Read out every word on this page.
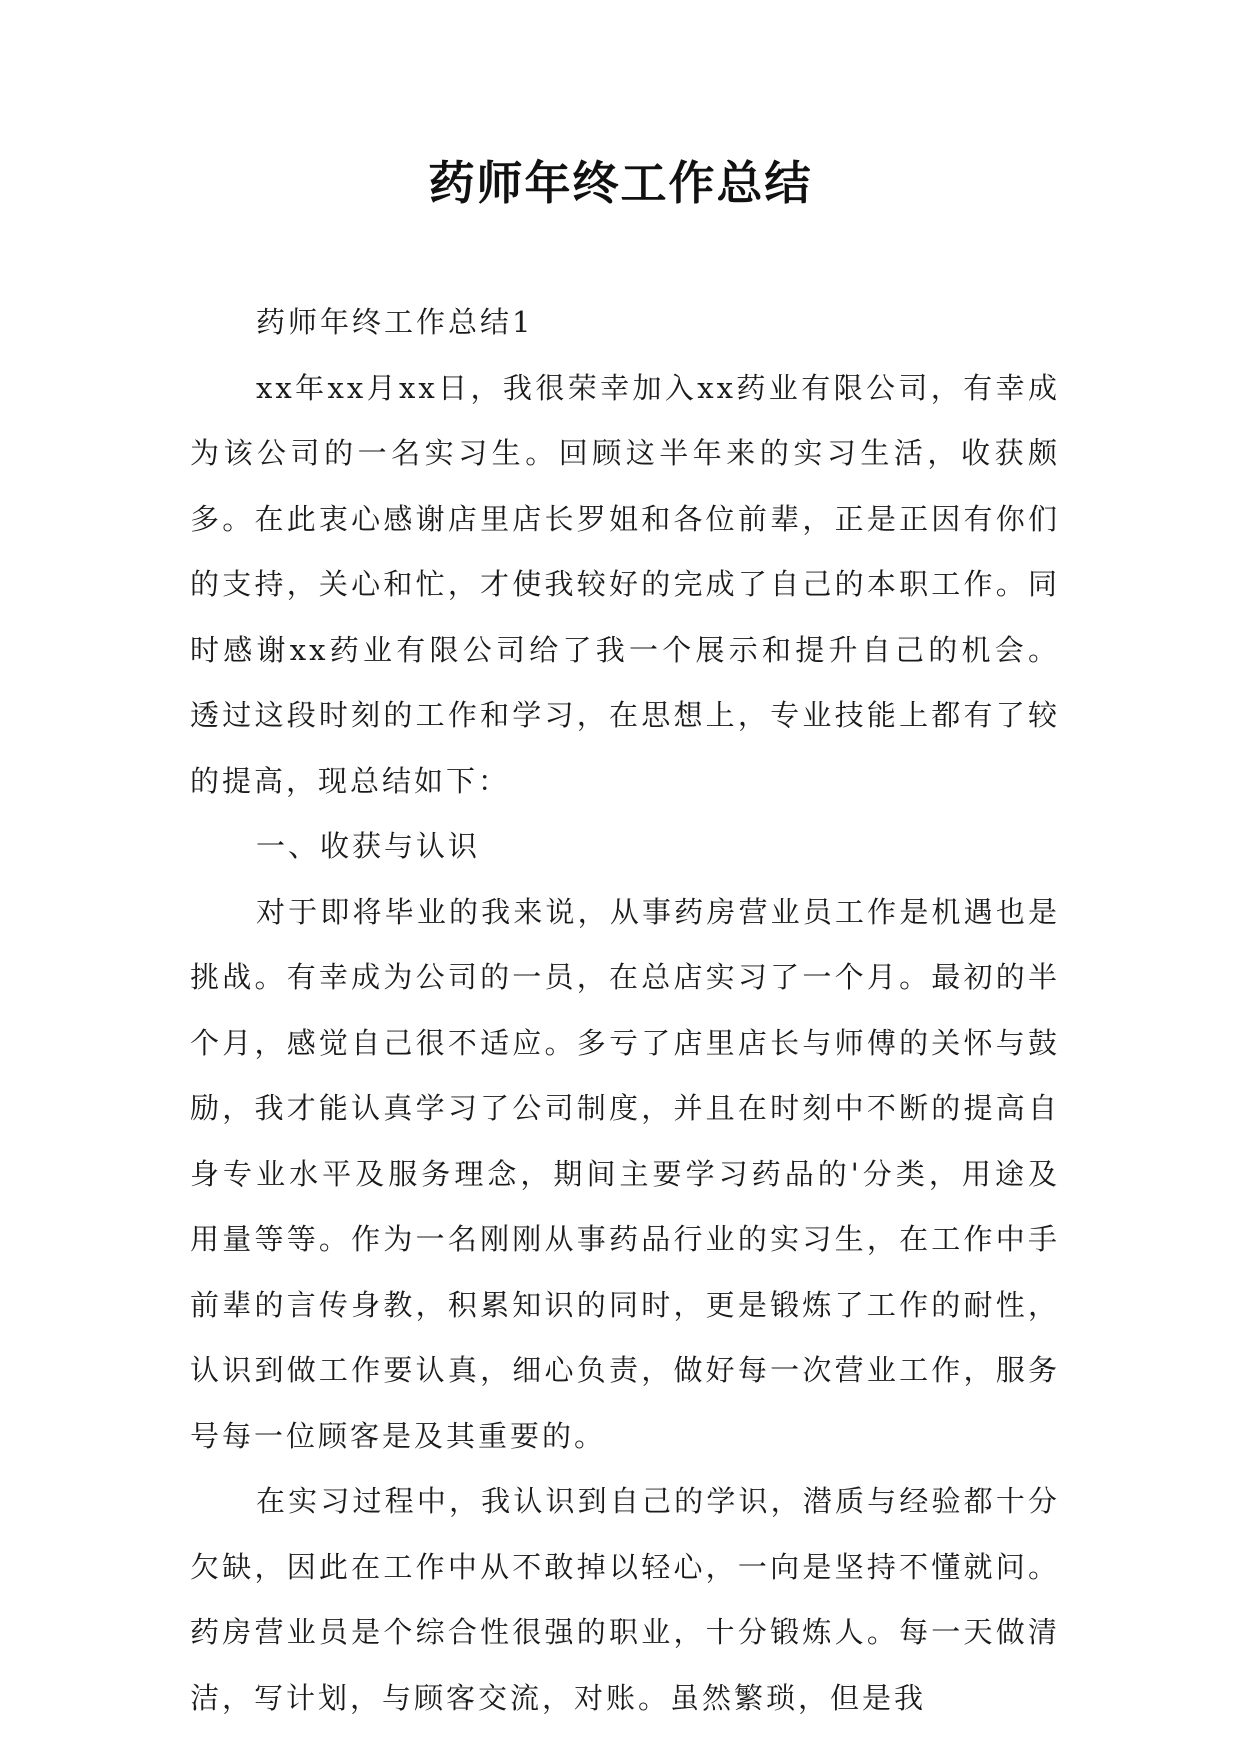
药师年终工作总结

药师年终工作总结1

xx年xx月xx日，我很荣幸加入xx药业有限公司，有幸成为该公司的一名实习生。回顾这半年来的实习生活，收获颇多。在此衷心感谢店里店长罗姐和各位前辈，正是正因有你们的支持，关心和忙，才使我较好的完成了自己的本职工作。同时感谢xx药业有限公司给了我一个展示和提升自己的机会。透过这段时刻的工作和学习，在思想上，专业技能上都有了较的提高，现总结如下：

一、收获与认识

对于即将毕业的我来说，从事药房营业员工作是机遇也是挑战。有幸成为公司的一员，在总店实习了一个月。最初的半个月，感觉自己很不适应。多亏了店里店长与师傅的关怀与鼓励，我才能认真学习了公司制度，并且在时刻中不断的提高自身专业水平及服务理念，期间主要学习药品的'分类，用途及用量等等。作为一名刚刚从事药品行业的实习生，在工作中手前辈的言传身教，积累知识的同时，更是锻炼了工作的耐性，认识到做工作要认真，细心负责，做好每一次营业工作，服务号每一位顾客是及其重要的。

在实习过程中，我认识到自己的学识，潜质与经验都十分欠缺，因此在工作中从不敢掉以轻心，一向是坚持不懂就问。药房营业员是个综合性很强的职业，十分锻炼人。每一天做清洁，写计划，与顾客交流，对账。虽然繁琐，但是我
